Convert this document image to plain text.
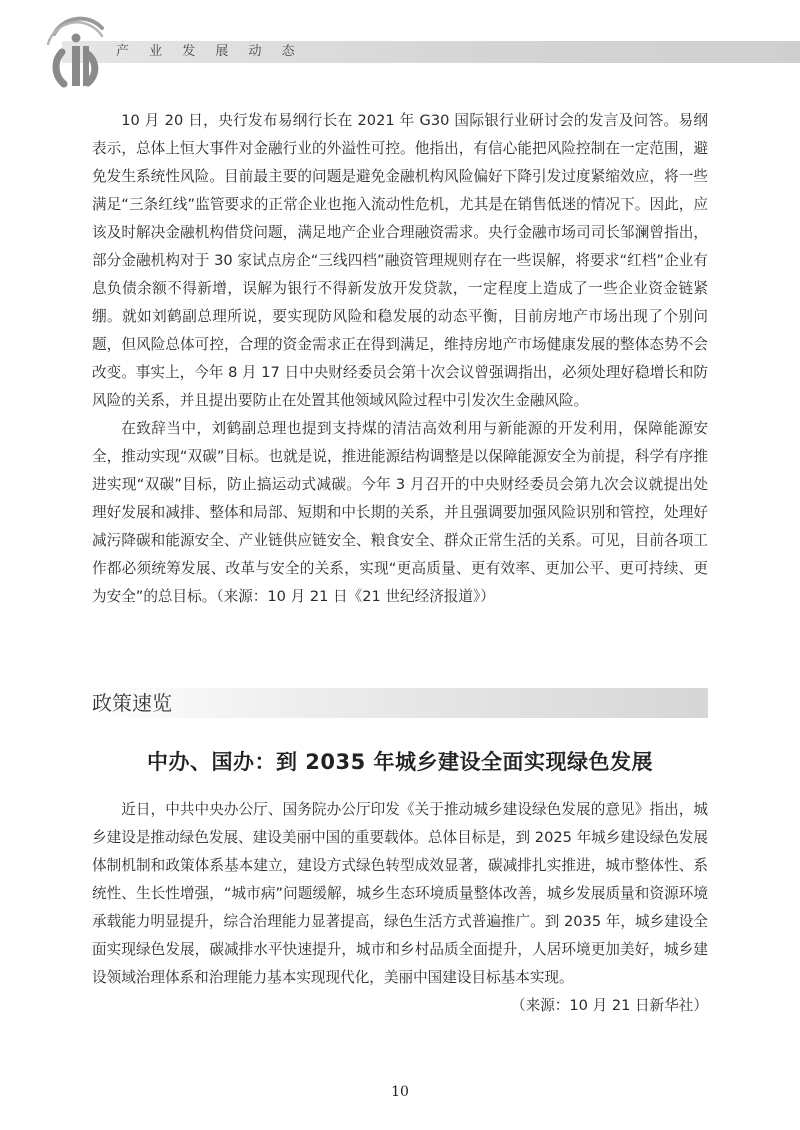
产 业 发 展 动 态

10 月 20 日，央行发布易纲行长在 2021 年 G30 国际银行业研讨会的发言及问答。易纲表示，总体上恒大事件对金融行业的外溢性可控。他指出，有信心能把风险控制在一定范围，避免发生系统性风险。目前最主要的问题是避免金融机构风险偏好下降引发过度紧缩效应，将一些满足“三条红线”监管要求的正常企业也拖入流动性危机，尤其是在销售低迷的情况下。因此，应该及时解决金融机构借贷问题，满足地产企业合理融资需求。央行金融市场司司长邹澜曾指出，部分金融机构对于 30 家试点房企“三线四档”融资管理规则存在一些误解，将要求“红档”企业有息负债余额不得新增，误解为银行不得新发放开发贷款，一定程度上造成了一些企业资金链紧绷。就如刘鹤副总理所说，要实现防风险和稳发展的动态平衡，目前房地产市场出现了个别问题，但风险总体可控，合理的资金需求正在得到满足，维持房地产市场健康发展的整体态势不会改变。事实上，今年 8 月 17 日中央财经委员会第十次会议曾强调指出，必须处理好稳增长和防风险的关系，并且提出要防止在处置其他领域风险过程中引发次生金融风险。

在致辞当中，刘鹤副总理也提到支持煤的清洁高效利用与新能源的开发利用，保障能源安全，推动实现“双碳”目标。也就是说，推进能源结构调整是以保障能源安全为前提，科学有序推进实现“双碳”目标，防止搞运动式减碳。今年 3 月召开的中央财经委员会第九次会议就提出处理好发展和减排、整体和局部、短期和中长期的关系，并且强调要加强风险识别和管控，处理好减污降碳和能源安全、产业链供应链安全、粮食安全、群众正常生活的关系。可见，目前各项工作都必须统筹发展、改革与安全的关系，实现“更高质量、更有效率、更加公平、更可持续、更为安全”的总目标。（来源：10 月 21 日《21 世纪经济报道》）

政策速览
中办、国办：到 2035 年城乡建设全面实现绿色发展

近日，中共中央办公厅、国务院办公厅印发《关于推动城乡建设绿色发展的意见》指出，城乡建设是推动绿色发展、建设美丽中国的重要载体。总体目标是，到 2025 年城乡建设绿色发展体制机制和政策体系基本建立，建设方式绿色转型成效显著，碳减排扎实推进，城市整体性、系统性、生长性增强，“城市病”问题缓解，城乡生态环境质量整体改善，城乡发展质量和资源环境承载能力明显提升，综合治理能力显著提高，绿色生活方式普遍推广。到 2035 年，城乡建设全面实现绿色发展，碳减排水平快速提升，城市和乡村品质全面提升，人居环境更加美好，城乡建设领域治理体系和治理能力基本实现现代化，美丽中国建设目标基本实现。

（来源：10 月 21 日新华社）

10
